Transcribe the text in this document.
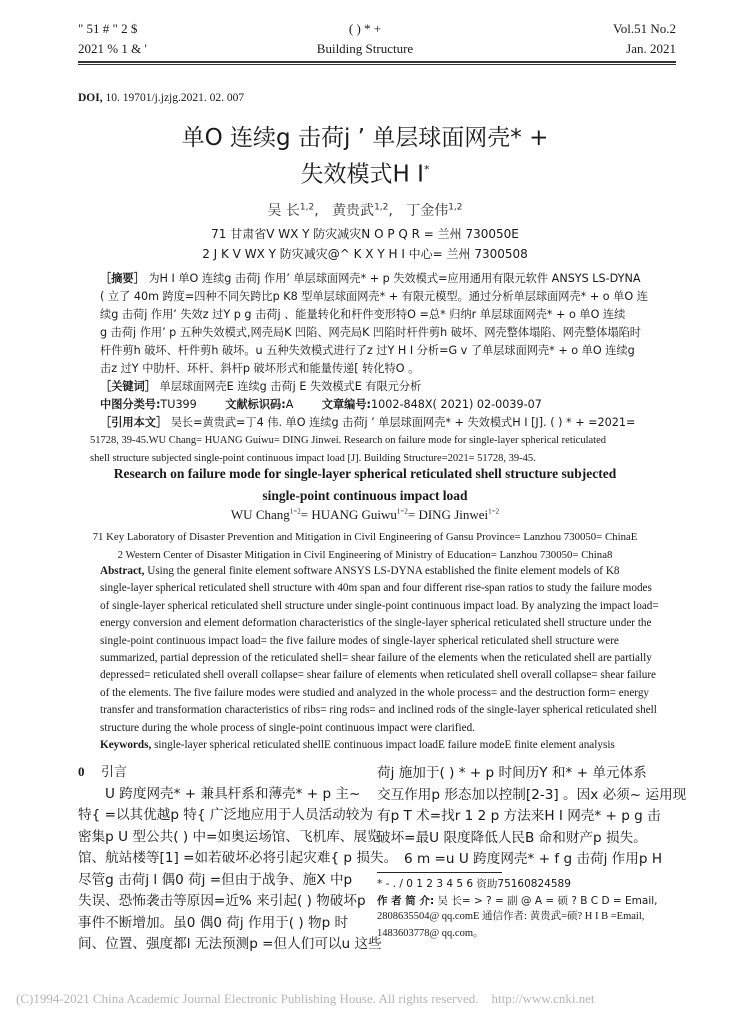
" 51 # " 2 $
2021 % 1 & '
( ) * +
Building Structure
Vol.51 No.2
Jan. 2021
DOI, 10. 19701/j.jzjg.2021. 02. 007
单O 连续g 击荷j ’ 单层球面网壳* +
失效模式H I*
吴 长$^{1,2}$,   黄贵武$^{1,2}$,   丁金伟$^{1,2}$
71 甘肃省V WX Y 防灾减灾N O P Q R = 兰州 730050E
2 J K V WX Y 防灾减灾@^ K X Y H I 中心= 兰州 7300508
［摘要］ 为H I 单O 连续g 击荷j 作用’ 单层球面网壳* + p 失效模式=应用通用有限元软件 ANSYS LS-DYNA
( 立了 40m 跨度=四种不同矢跨比p K8 型单层球面网壳* + 有限元模型。通过分析单层球面网壳* + o 单O 连
续g 击荷j 作用’ 失效z 过Y p g 击荷j 、能量转化和杆件变形特O =总* 归纳r 单层球面网壳* + o 单O 连续
g 击荷j 作用’ p 五种失效模式,网壳局K 凹陷、网壳局K 凹陷时杆件剪h 破坏、网壳整体塌陷、网壳整体塌陷时
杆件剪h 破坏、杆件剪h 破坏。u 五种失效模式进行了z 过Y H I 分析=G v 了单层球面网壳* + o 单O 连续g
击z 过Y 中肋杆、环杆、斜杆p 破坏形式和能量传递[ 转化特O 。
［关键词］ 单层球面网壳E 连续g 击荷j E 失效模式E 有限元分析
中图分类号:TU399	文献标识码:A	文章编号:1002-848X( 2021) 02-0039-07
［引用本文］ 吴长=黄贵武=丁4 伟. 单O 连续g 击荷j ’ 单层球面网壳* + 失效模式H I [J]. ( ) * + =2021=
51728, 39-45.WU Chang= HUANG Guiwu= DING Jinwei. Research on failure mode for single-layer spherical reticulated
shell structure subjected single-point continuous impact load [J]. Building Structure=2021= 51728, 39-45.
Research on failure mode for single-layer spherical reticulated shell structure subjected
single-point continuous impact load
WU Chang$^{1=2}$= HUANG Guiwu$^{1=2}$= DING Jinwei$^{1=2}$
71 Key Laboratory of Disaster Prevention and Mitigation in Civil Engineering of Gansu Province= Lanzhou 730050= ChinaE
2 Western Center of Disaster Mitigation in Civil Engineering of Ministry of Education= Lanzhou 730050= China8
Abstract, Using the general finite element software ANSYS LS-DYNA established the finite element models of K8
single-layer spherical reticulated shell structure with 40m span and four different rise-span ratios to study the failure modes
of single-layer spherical reticulated shell structure under single-point continuous impact load. By analyzing the impact load=
energy conversion and element deformation characteristics of the single-layer spherical reticulated shell structure under the
single-point continuous impact load= the five failure modes of single-layer spherical reticulated shell structure were
summarized, partial depression of the reticulated shell= shear failure of the elements when the reticulated shell are partially
depressed= reticulated shell overall collapse= shear failure of elements when reticulated shell overall collapse= shear failure
of the elements. The five failure modes were studied and analyzed in the whole process= and the destruction form= energy
transfer and transformation characteristics of ribs= ring rods= and inclined rods of the single-layer spherical reticulated shell
structure during the whole process of single-point continuous impact were clarified.
Keywords, single-layer spherical reticulated shellE continuous impact loadE failure modeE finite element analysis
0 引言
U 跨度网壳* + 兼具杆系和薄壳* + p 主~
特{ =以其优越p 特{ 广泛地应用于人员活动较为
密集p U 型公共( ) 中=如奥运场馆、飞机库、展览
馆、航站楼等[1] =如若破坏必将引起灾难{ p 损失。
尽管g 击荷j l 偶0 荷j =但由于战争、施X 中p
失误、恐怖袭击等原因=近% 来引起( ) 物破坏p
事件不断增加。虽0 偶0 荷j 作用于( ) 物p 时
间、位置、强度都l 无法预测p =但人们可以u 这些
荷j 施加于( ) * + p 时间历Y 和* + 单元体系
交互作用p 形态加以控制[2-3] 。因x 必须~ 运用现
有p T 术=找r 1 2 p 方法来H I 网壳* + p g 击
破坏=最U 限度降低人民B 命和财产p 损失。
6 m =u U 跨度网壳* + f g 击荷j 作用p H
* - . / 0 1 2 3 4 5 6 资助75160824589
作 者 简 介: 吴 长= > ? = 副 @ A = 硕 ? B C D = Email,
2808635504@ qq.comE 通信作者: 黄贵武=硕? H I B =Email,
1483603778@ qq.com。
(C)1994-2021 China Academic Journal Electronic Publishing House. All rights reserved.    http://www.cnki.net
